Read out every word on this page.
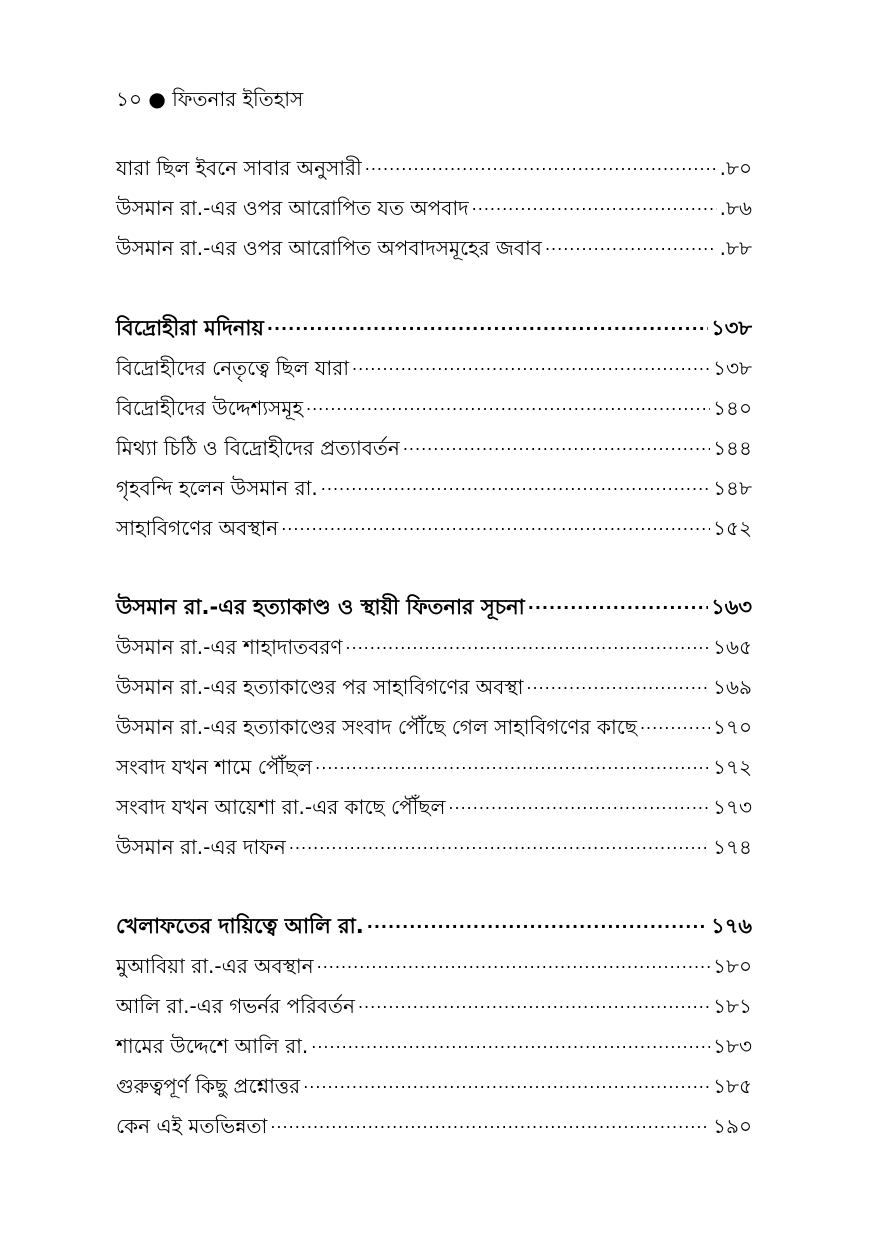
১০ ● ফিতনার ইতিহাস
যারা ছিল ইবনে সাবার অনুসারী .....	.৮০
উসমান রা.-এর ওপর আরোপিত যত অপবাদ .....	.৮৬
উসমান রা.-এর ওপর আরোপিত অপবাদসমূহের জবাব .....	.৮৮
বিদ্রোহীরা মদিনায় .....	১৩৮
বিদ্রোহীদের নেতৃত্বে ছিল যারা .....	১৩৮
বিদ্রোহীদের উদ্দেশ্যসমূহ .....	১৪০
মিথ্যা চিঠি ও বিদ্রোহীদের প্রত্যাবর্তন .....	১৪৪
গৃহবন্দি হলেন উসমান রা. .....	১৪৮
সাহাবিগণের অবস্থান .....	১৫২
উসমান রা.-এর হত্যাকাণ্ড ও স্থায়ী ফিতনার সূচনা .....	১৬৩
উসমান রা.-এর শাহাদাতবরণ .....	১৬৫
উসমান রা.-এর হত্যাকাণ্ডের পর সাহাবিগণের অবস্থা .....	১৬৯
উসমান রা.-এর হত্যাকাণ্ডের সংবাদ পৌঁছে গেল সাহাবিগণের কাছে .....	১৭০
সংবাদ যখন শামে পৌঁছল .....	১৭২
সংবাদ যখন আয়েশা রা.-এর কাছে পৌঁছল .....	১৭৩
উসমান রা.-এর দাফন .....	১৭৪
খেলাফতের দায়িত্বে আলি রা. .....	১৭৬
মুআবিয়া রা.-এর অবস্থান .....	১৮০
আলি রা.-এর গভর্নর পরিবর্তন .....	১৮১
শামের উদ্দেশে আলি রা. .....	১৮৩
গুরুত্বপূর্ণ কিছু প্রশ্নোত্তর .....	১৮৫
কেন এই মতভিন্নতা .....	১৯০
